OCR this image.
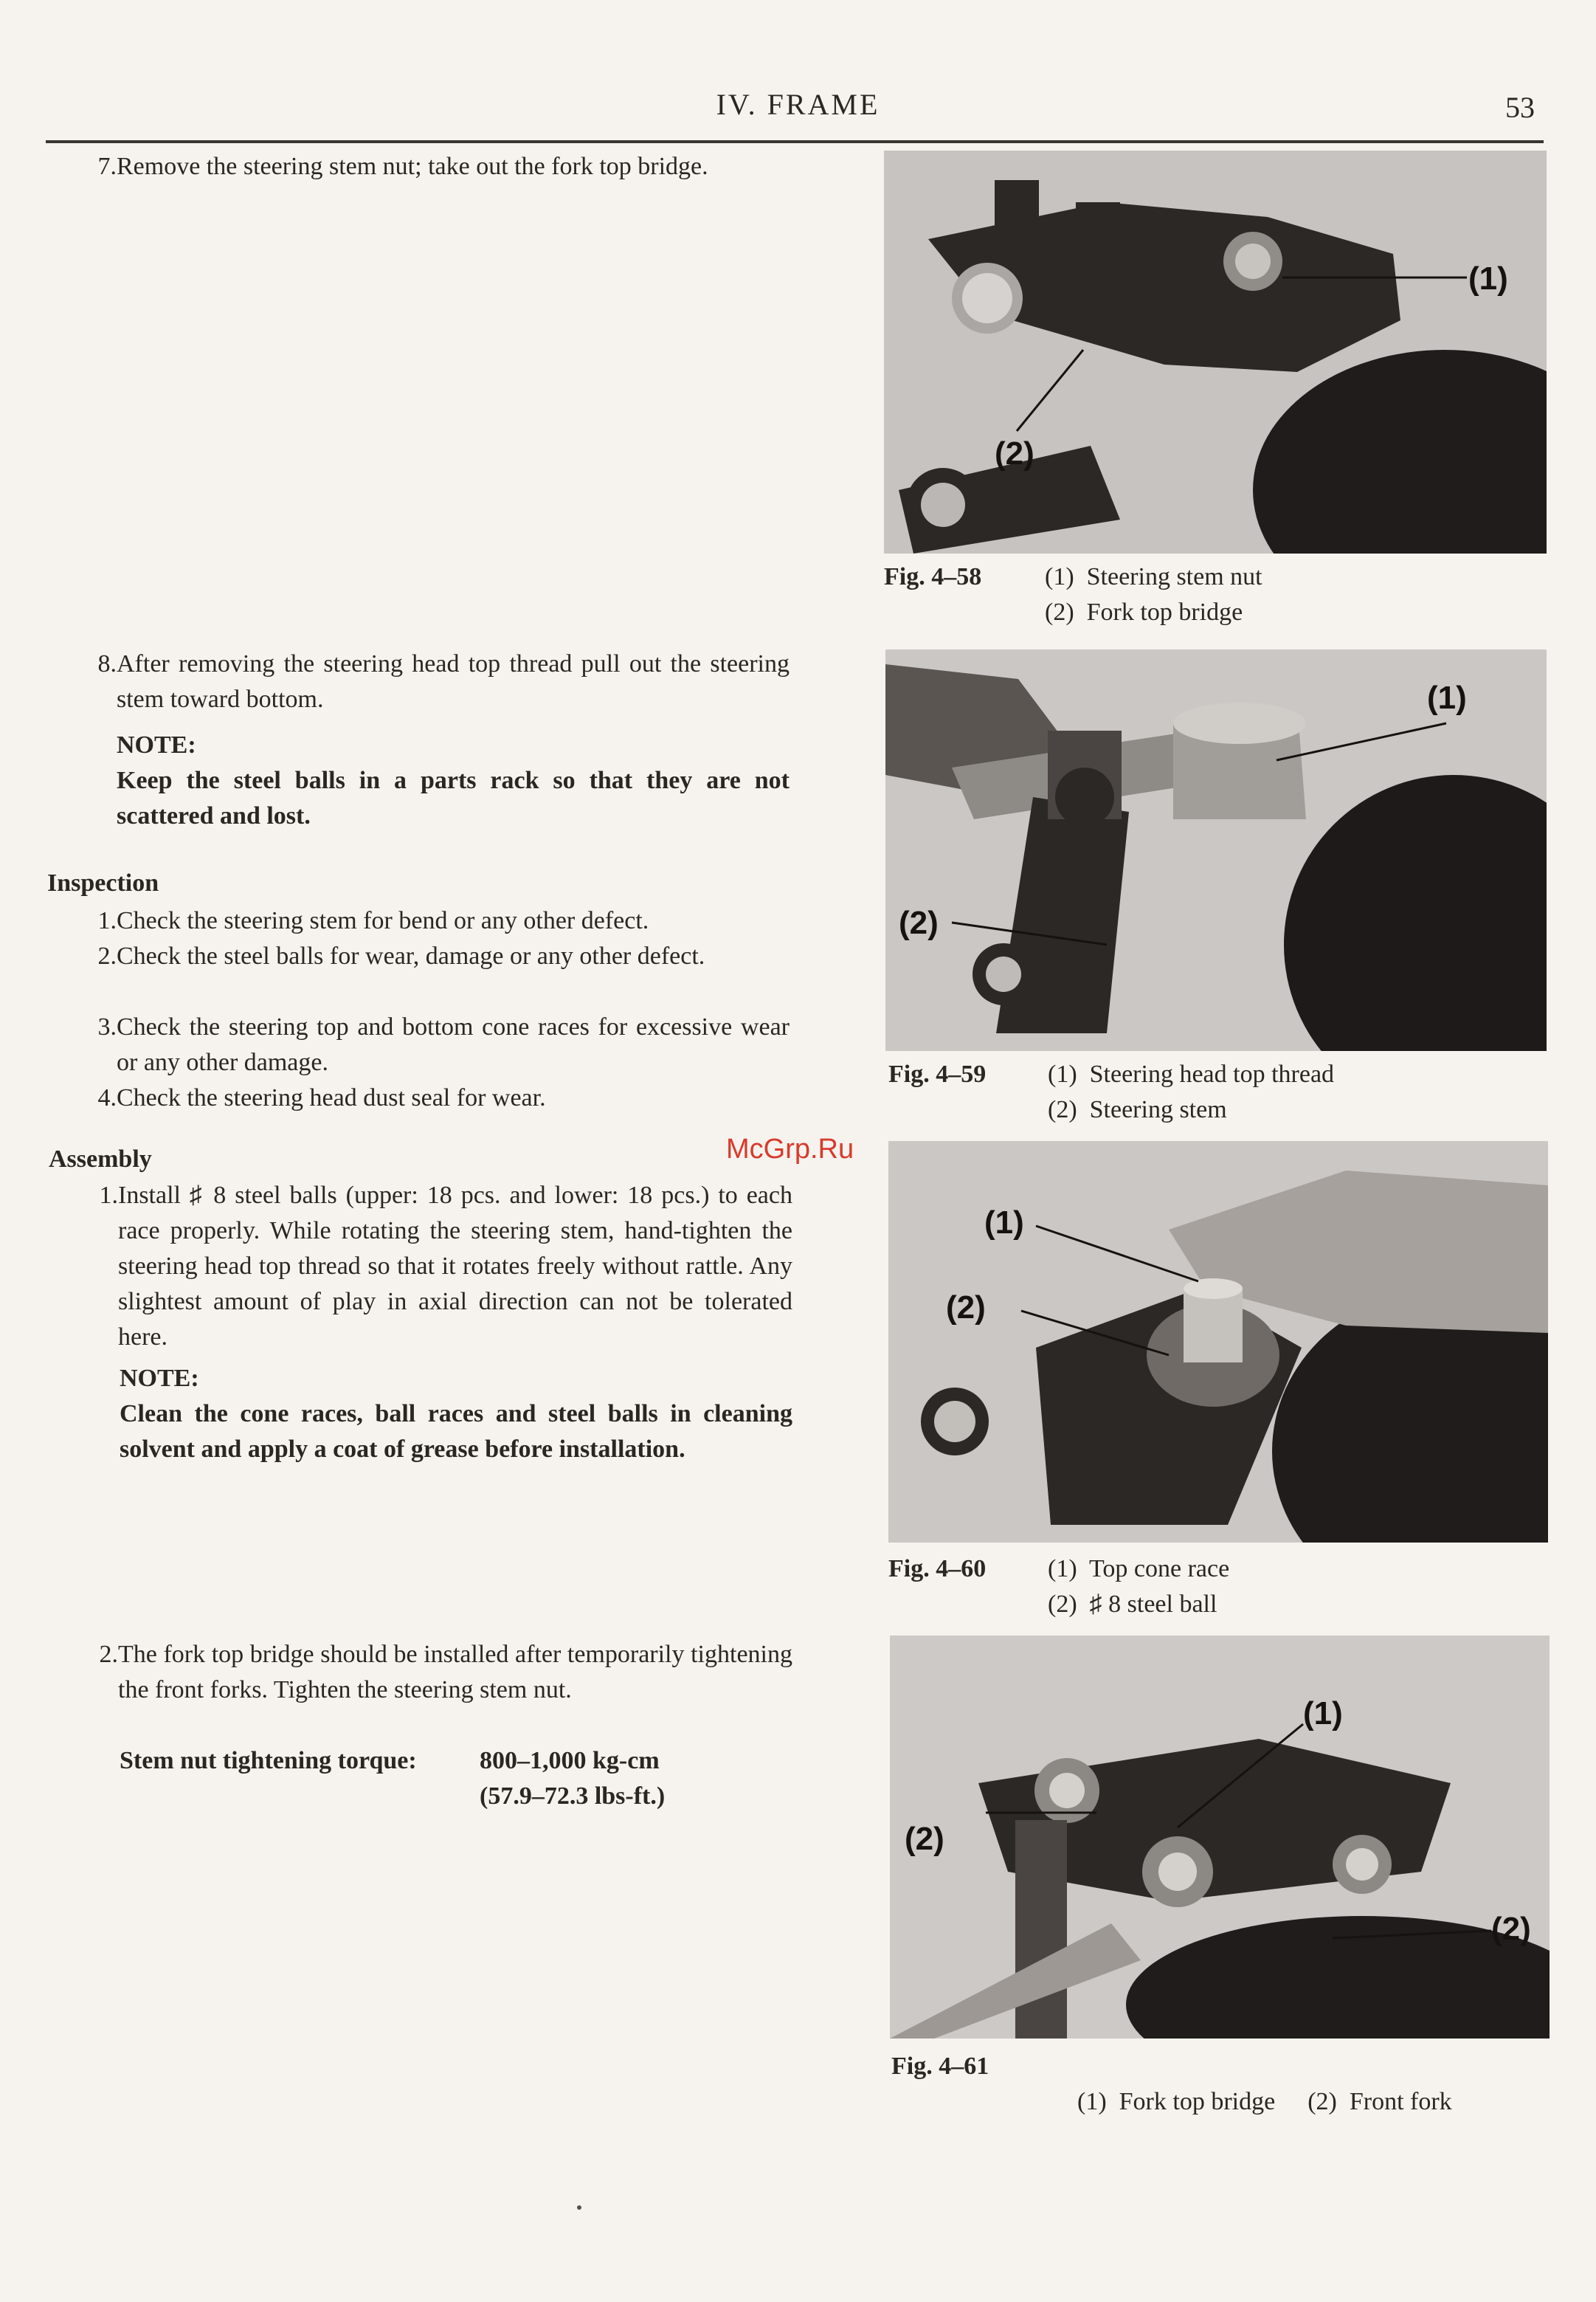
IV. FRAME	53
7. Remove the steering stem nut; take out the fork top bridge.
8. After removing the steering head top thread pull out the steering stem toward bottom.
NOTE:
Keep the steel balls in a parts rack so that they are not scattered and lost.
Inspection
1. Check the steering stem for bend or any other defect.
2. Check the steel balls for wear, damage or any other defect.
3. Check the steering top and bottom cone races for excessive wear or any other damage.
4. Check the steering head dust seal for wear.
McGrp.Ru
Assembly
1. Install ♯ 8 steel balls (upper: 18 pcs. and lower: 18 pcs.) to each race properly. While rotating the steering stem, hand-tighten the steering head top thread so that it rotates freely without rattle. Any slightest amount of play in axial direction can not be tolerated here.
NOTE:
Clean the cone races, ball races and steel balls in cleaning solvent and apply a coat of grease before installation.
2. The fork top bridge should be installed after temporarily tightening the front forks. Tighten the steering stem nut.
Stem nut tightening torque:	800–1,000 kg-cm
(57.9–72.3 lbs-ft.)
(1)
(2)
Fig. 4–58	(1)  Steering stem nut
(2)  Fork top bridge
(1)
(2)
Fig. 4–59 (1)  Steering head top thread
(2)  Steering stem
(1)
(2)
Fig. 4–60 (1)  Top cone race
(2)  ♯ 8 steel ball
(1)
(2)
(2)
Fig. 4–61

(1)  Fork top bridge (2)  Front fork
